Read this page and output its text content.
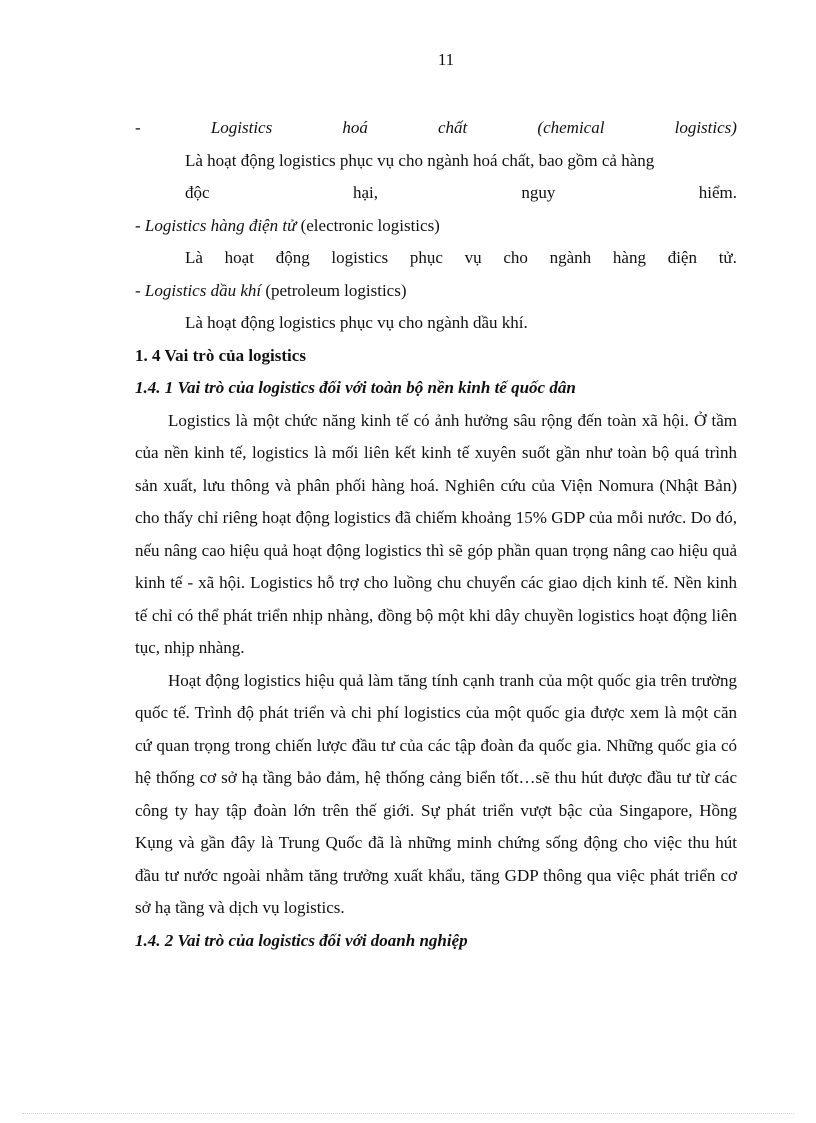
11
-	Logistics	hoá	chất	(chemical	logistics)
Là hoạt động logistics phục vụ cho ngành hoá chất, bao gồm cả hàng
độc	hại,	nguy	hiểm.
- Logistics hàng điện tử (electronic logistics)
Là hoạt động logistics phục vụ cho ngành hàng điện tử.
- Logistics dầu khí (petroleum logistics)
Là hoạt động logistics phục vụ cho ngành dầu khí.
1. 4 Vai trò của logistics
1.4. 1 Vai trò của logistics đối với toàn bộ nền kinh tế quốc dân

Logistics là một chức năng kinh tế có ảnh hưởng sâu rộng đến toàn xã hội. Ở tầm của nền kinh tế, logistics là mối liên kết kinh tế xuyên suốt gần như toàn bộ quá trình sản xuất, lưu thông và phân phối hàng hoá. Nghiên cứu của Viện Nomura (Nhật Bản) cho thấy chỉ riêng hoạt động logistics đã chiếm khoảng 15% GDP của mỗi nước. Do đó, nếu nâng cao hiệu quả hoạt động logistics thì sẽ góp phần quan trọng nâng cao hiệu quả kinh tế - xã hội. Logistics hỗ trợ cho luồng chu chuyển các giao dịch kinh tế. Nền kinh tế chỉ có thể phát triển nhịp nhàng, đồng bộ một khi dây chuyền logistics hoạt động liên tục, nhịp nhàng.

Hoạt động logistics hiệu quả làm tăng tính cạnh tranh của một quốc gia trên trường quốc tế. Trình độ phát triển và chi phí logistics của một quốc gia được xem là một căn cứ quan trọng trong chiến lược đầu tư của các tập đoàn đa quốc gia. Những quốc gia có hệ thống cơ sở hạ tầng bảo đảm, hệ thống cảng biển tốt…sẽ thu hút được đầu tư từ các công ty hay tập đoàn lớn trên thế giới. Sự phát triển vượt bậc của Singapore, Hồng Kụng và gần đây là Trung Quốc đã là những minh chứng sống động cho việc thu hút đầu tư nước ngoài nhằm tăng trưởng xuất khẩu, tăng GDP thông qua việc phát triển cơ sở hạ tầng và dịch vụ logistics.

1.4. 2 Vai trò của logistics đối với doanh nghiệp
